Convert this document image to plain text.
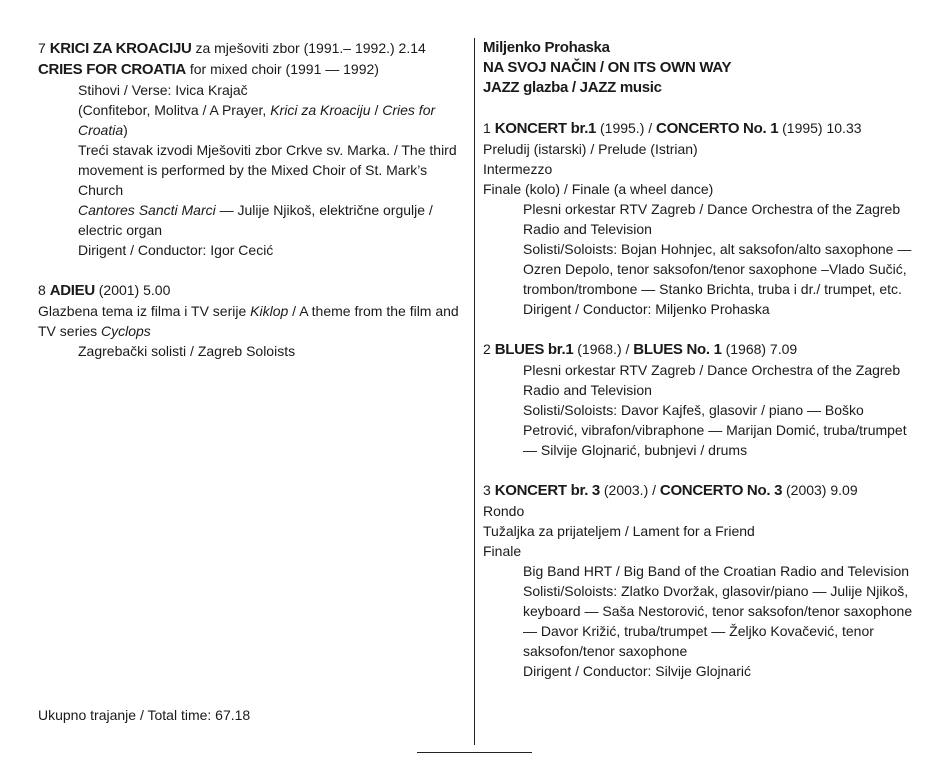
7 KRICI ZA KROACIJU za mješoviti zbor (1991.– 1992.) 2.14
CRIES FOR CROATIA for mixed choir (1991 — 1992)
Stihovi / Verse: Ivica Krajač
(Confitebor, Molitva / A Prayer, Krici za Kroaciju / Cries for Croatia)
Treći stavak izvodi Mješoviti zbor Crkve sv. Marka. / The third movement is performed by the Mixed Choir of St. Mark’s Church
Cantores Sancti Marci — Julije Njikoš, električne orgulje / electric organ
Dirigent / Conductor: Igor Cecić
8 ADIEU (2001) 5.00
Glazbena tema iz filma i TV serije Kiklop / A theme from the film and TV series Cyclops
Zagrebački solisti / Zagreb Soloists
Ukupno trajanje / Total time: 67.18
Miljenko Prohaska
NA SVOJ NAČIN / ON ITS OWN WAY
JAZZ glazba / JAZZ music
1 KONCERT br.1 (1995.) / CONCERTO No. 1 (1995) 10.33
Preludij (istarski) / Prelude (Istrian)
Intermezzo
Finale (kolo) / Finale (a wheel dance)
Plesni orkestar RTV Zagreb / Dance Orchestra of the Zagreb Radio and Television
Solisti/Soloists: Bojan Hohnjec, alt saksofon/alto saxophone — Ozren Depolo, tenor saksofon/tenor saxophone –Vlado Sučić, trombon/trombone — Stanko Brichta, truba i dr./ trumpet, etc.
Dirigent / Conductor: Miljenko Prohaska
2 BLUES br.1 (1968.) / BLUES No. 1 (1968) 7.09
Plesni orkestar RTV Zagreb / Dance Orchestra of the Zagreb Radio and Television
Solisti/Soloists: Davor Kajfeš, glasovir / piano — Boško Petrović, vibrafon/vibraphone — Marijan Domić, truba/trumpet — Silvije Glojnarić, bubnjevi / drums
3 KONCERT br. 3 (2003.) / CONCERTO No. 3 (2003) 9.09
Rondo
Tužaljka za prijateljem / Lament for a Friend
Finale
Big Band HRT / Big Band of the Croatian Radio and Television
Solisti/Soloists: Zlatko Dvoržak, glasovir/piano — Julije Njikoš, keyboard — Saša Nestorović, tenor saksofon/tenor saxophone — Davor Križić, truba/trumpet — Željko Kovačević, tenor saksofon/tenor saxophone
Dirigent / Conductor: Silvije Glojnarić
